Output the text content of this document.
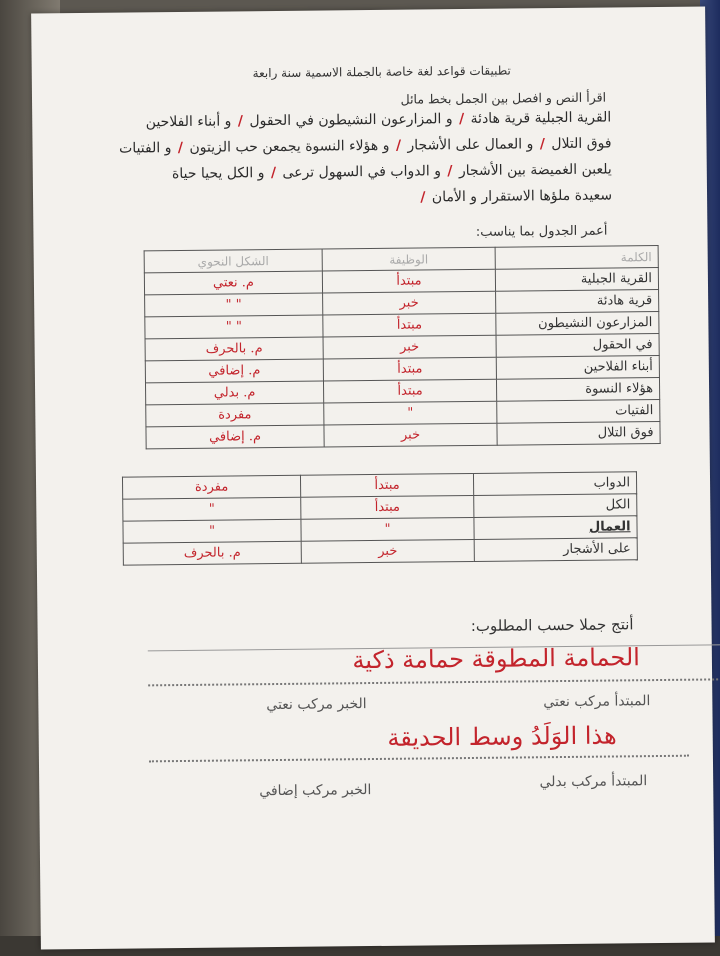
تطبيقات قواعد لغة خاصة بالجملة الاسمية سنة رابعة
اقرأ النص و افصل بين الجمل بخط مائل
القرية الجبلية قرية هادئة / و المزارعون النشيطون في الحقول / و أبناء الفلاحين
فوق التلال / و العمال على الأشجار / و هؤلاء النسوة يجمعن حب الزيتون / و الفتيات
يلعبن الغميضة بين الأشجار / و الدواب في السهول ترعى / و الكل يحيا حياة
سعيدة ملؤها الاستقرار و الأمان /
أعمر الجدول بما يناسب:
الكلمة	الوظيفة	الشكل النحوي
القرية الجبلية	مبتدأ	م. نعتي
قرية هادئة	خبر	" "
المزارعون النشيطون	مبتدأ	" "
في الحقول	خبر	م. بالحرف
أبناء الفلاحين	مبتدأ	م. إضافي
هؤلاء النسوة	مبتدأ	م. بدلي
الفتيات	"	مفردة
فوق التلال	خبر	م. إضافي
الدواب	مبتدأ	مفردة
الكل	مبتدأ	"
العمال	"	"
على الأشجار	خبر	م. بالحرف
أنتج جملا حسب المطلوب:
الحمامة المطوقة حمامة ذكية
المبتدأ مركب نعتي
الخبر مركب نعتي
هذا الوَلَدُ وسط الحديقة
المبتدأ مركب بدلي
الخبر مركب إضافي
